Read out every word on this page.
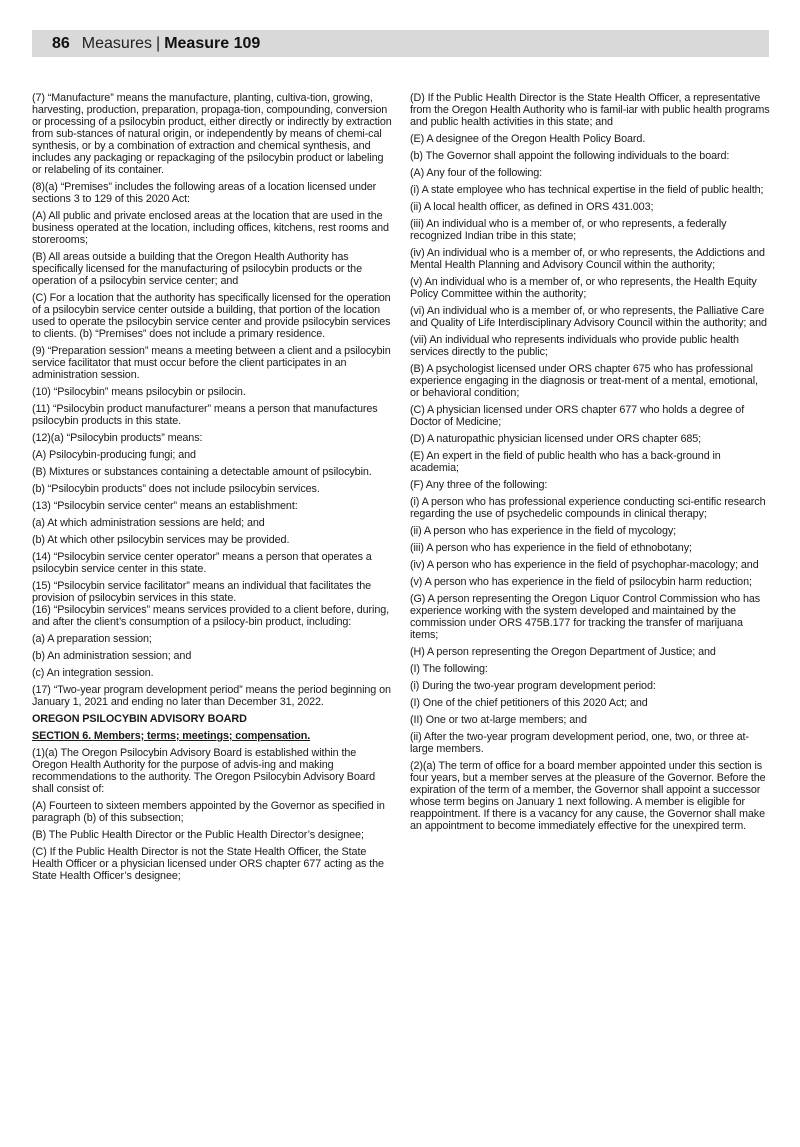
86 Measures | Measure 109

(7) “Manufacture” means the manufacture, planting, cultiva-tion, growing, harvesting, production, preparation, propaga-tion, compounding, conversion or processing of a psilocybin product, either directly or indirectly by extraction from sub-stances of natural origin, or independently by means of chemi-cal synthesis, or by a combination of extraction and chemical synthesis, and includes any packaging or repackaging of the psilocybin product or labeling or relabeling of its container.

(8)(a) “Premises” includes the following areas of a location licensed under sections 3 to 129 of this 2020 Act:

(A) All public and private enclosed areas at the location that are used in the business operated at the location, including offices, kitchens, rest rooms and storerooms;

(B) All areas outside a building that the Oregon Health Authority has specifically licensed for the manufacturing of psilocybin products or the operation of a psilocybin service center; and

(C) For a location that the authority has specifically licensed for the operation of a psilocybin service center outside a building, that portion of the location used to operate the psilocybin service center and provide psilocybin services to clients. (b) “Premises” does not include a primary residence.

(9) “Preparation session” means a meeting between a client and a psilocybin service facilitator that must occur before the client participates in an administration session.

(10) “Psilocybin” means psilocybin or psilocin.

(11) “Psilocybin product manufacturer” means a person that manufactures psilocybin products in this state.

(12)(a) “Psilocybin products” means:

(A) Psilocybin-producing fungi; and

(B) Mixtures or substances containing a detectable amount of psilocybin.

(b) “Psilocybin products” does not include psilocybin services.

(13) “Psilocybin service center” means an establishment:

(a) At which administration sessions are held; and

(b) At which other psilocybin services may be provided.

(14) “Psilocybin service center operator” means a person that operates a psilocybin service center in this state.

(15) “Psilocybin service facilitator” means an individual that facilitates the provision of psilocybin services in this state.

(16) “Psilocybin services” means services provided to a client before, during, and after the client’s consumption of a psilocy-bin product, including:

(a) A preparation session;

(b) An administration session; and

(c) An integration session.

(17) “Two-year program development period” means the period beginning on January 1, 2021 and ending no later than December 31, 2022.

OREGON PSILOCYBIN ADVISORY BOARD

SECTION 6. Members; terms; meetings; compensation.

(1)(a) The Oregon Psilocybin Advisory Board is established within the Oregon Health Authority for the purpose of advis-ing and making recommendations to the authority. The Oregon Psilocybin Advisory Board shall consist of:

(A) Fourteen to sixteen members appointed by the Governor as specified in paragraph (b) of this subsection;

(B) The Public Health Director or the Public Health Director’s designee;

(C) If the Public Health Director is not the State Health Officer, the State Health Officer or a physician licensed under ORS chapter 677 acting as the State Health Officer’s designee;

(D) If the Public Health Director is the State Health Officer, a representative from the Oregon Health Authority who is famil-iar with public health programs and public health activities in this state; and

(E) A designee of the Oregon Health Policy Board.

(b) The Governor shall appoint the following individuals to the board:

(A) Any four of the following:

(i) A state employee who has technical expertise in the field of public health;

(ii) A local health officer, as defined in ORS 431.003;

(iii) An individual who is a member of, or who represents, a federally recognized Indian tribe in this state;

(iv) An individual who is a member of, or who represents, the Addictions and Mental Health Planning and Advisory Council within the authority;

(v) An individual who is a member of, or who represents, the Health Equity Policy Committee within the authority;

(vi) An individual who is a member of, or who represents, the Palliative Care and Quality of Life Interdisciplinary Advisory Council within the authority; and

(vii) An individual who represents individuals who provide public health services directly to the public;

(B) A psychologist licensed under ORS chapter 675 who has professional experience engaging in the diagnosis or treat-ment of a mental, emotional, or behavioral condition;

(C) A physician licensed under ORS chapter 677 who holds a degree of Doctor of Medicine;

(D) A naturopathic physician licensed under ORS chapter 685;

(E) An expert in the field of public health who has a back-ground in academia;

(F) Any three of the following:

(i) A person who has professional experience conducting sci-entific research regarding the use of psychedelic compounds in clinical therapy;

(ii) A person who has experience in the field of mycology;

(iii) A person who has experience in the field of ethnobotany;

(iv) A person who has experience in the field of psychophar-macology; and

(v) A person who has experience in the field of psilocybin harm reduction;

(G) A person representing the Oregon Liquor Control Commission who has experience working with the system developed and maintained by the commission under ORS 475B.177 for tracking the transfer of marijuana items;

(H) A person representing the Oregon Department of Justice; and

(I) The following:

(i) During the two-year program development period:

(I) One of the chief petitioners of this 2020 Act; and

(II) One or two at-large members; and

(ii) After the two-year program development period, one, two, or three at-large members.

(2)(a) The term of office for a board member appointed under this section is four years, but a member serves at the pleasure of the Governor. Before the expiration of the term of a member, the Governor shall appoint a successor whose term begins on January 1 next following. A member is eligible for reappointment. If there is a vacancy for any cause, the Governor shall make an appointment to become immediately effective for the unexpired term.
